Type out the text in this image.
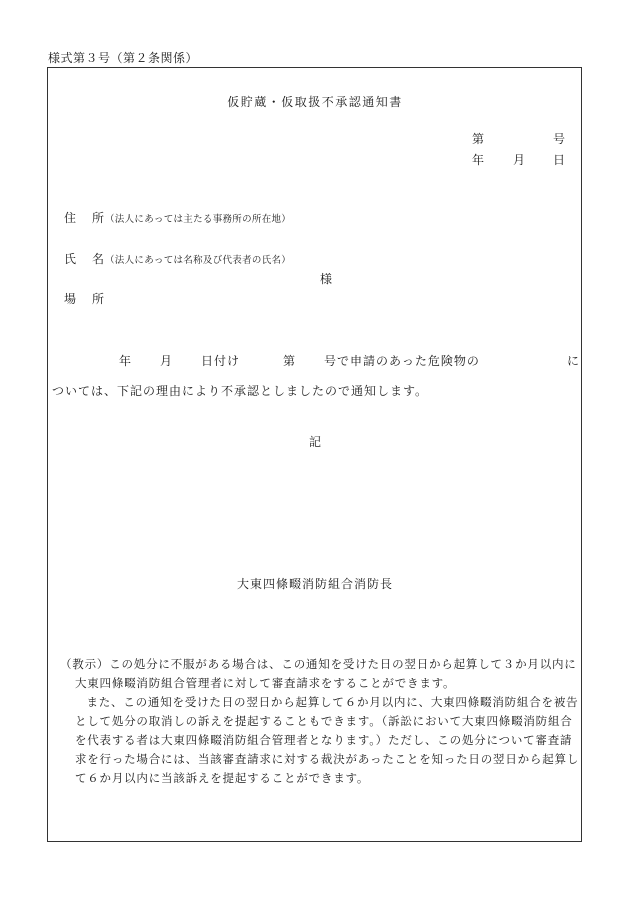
様式第３号（第２条関係）
仮貯蔵・仮取扱不承認通知書
第	号
年 月 日
住 所 （法人にあっては主たる事務所の所在地）
氏 名 （法人にあっては名称及び代表者の氏名）
様
場 所
年 月 日付け	第 号で申請のあった危険物の	に
ついては、下記の理由により不承認としましたので通知します。
記
大東四條畷消防組合消防長

（教示）この処分に不服がある場合は、この通知を受けた日の翌日から起算して３か月以内に大東四條畷消防組合管理者に対して審査請求をすることができます。

また、この通知を受けた日の翌日から起算して６か月以内に、大東四條畷消防組合を被告として処分の取消しの訴えを提起することもできます。（訴訟において大東四條畷消防組合を代表する者は大東四條畷消防組合管理者となります。）ただし、この処分について審査請求を行った場合には、当該審査請求に対する裁決があったことを知った日の翌日から起算して６か月以内に当該訴えを提起することができます。
